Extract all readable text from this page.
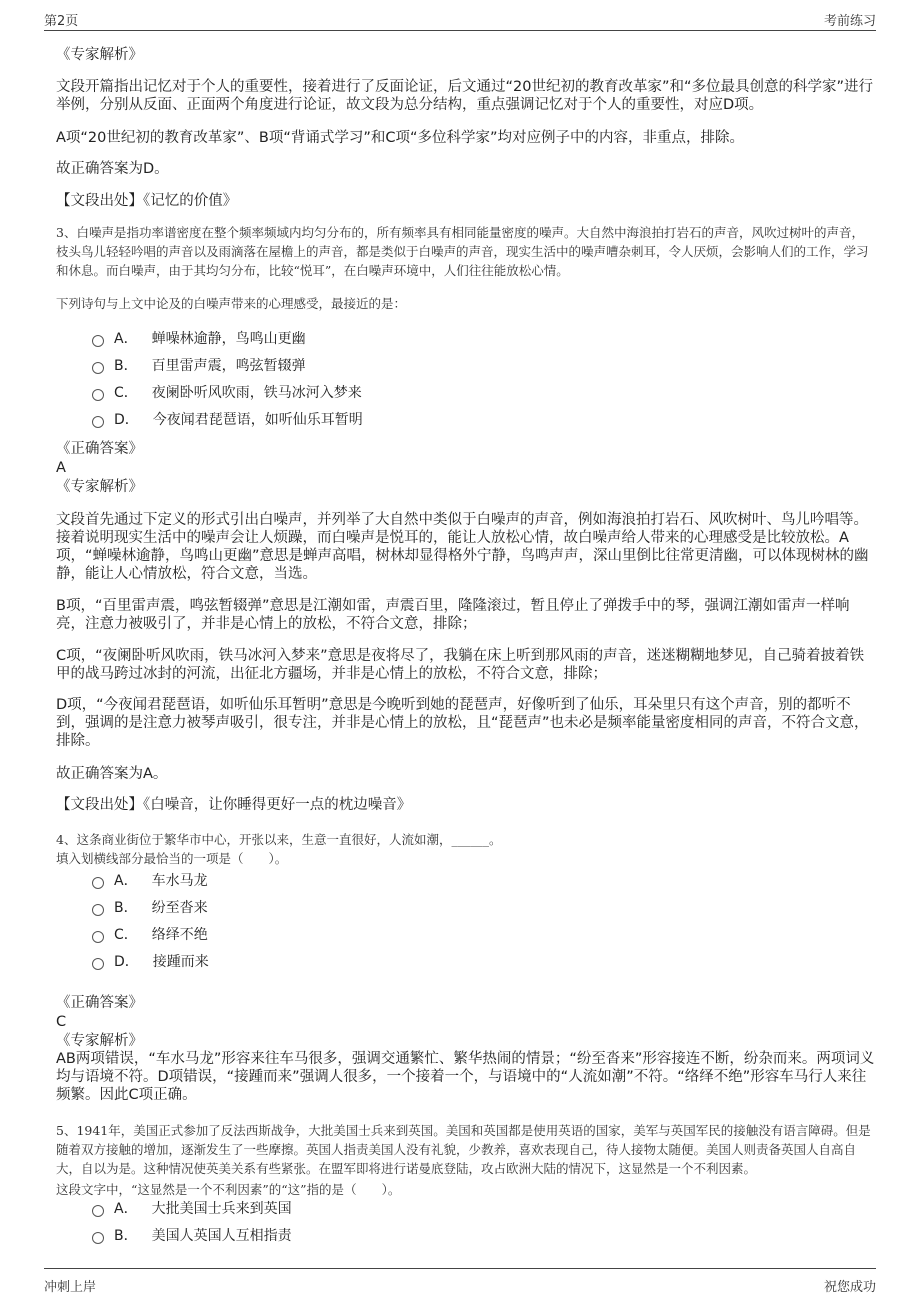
第2页	考前练习
《专家解析》
文段开篇指出记忆对于个人的重要性，接着进行了反面论证，后文通过“20世纪初的教育改革家”和“多位最具创意的科学家”进行举例，分别从反面、正面两个角度进行论证，故文段为总分结构，重点强调记忆对于个人的重要性，对应D项。
A项“20世纪初的教育改革家”、B项“背诵式学习”和C项“多位科学家”均对应例子中的内容，非重点，排除。
故正确答案为D。
【文段出处】《记忆的价值》
3、白噪声是指功率谱密度在整个频率频域内均匀分布的，所有频率具有相同能量密度的噪声。大自然中海浪拍打岩石的声音，风吹过树叶的声音，枝头鸟儿轻轻吟唱的声音以及雨滴落在屋檐上的声音，都是类似于白噪声的声音，现实生活中的噪声嘈杂刺耳，令人厌烦，会影响人们的工作，学习和休息。而白噪声，由于其均匀分布，比较“悦耳”，在白噪声环境中，人们往往能放松心情。
下列诗句与上文中论及的白噪声带来的心理感受，最接近的是：
A． 蝉噪林逾静，鸟鸣山更幽
B． 百里雷声震，鸣弦暂辍弹
C． 夜阑卧听风吹雨，铁马冰河入梦来
D． 今夜闻君琵琶语，如听仙乐耳暂明
《正确答案》
A
《专家解析》
文段首先通过下定义的形式引出白噪声，并列举了大自然中类似于白噪声的声音，例如海浪拍打岩石、风吹树叶、鸟儿吟唱等。接着说明现实生活中的噪声会让人烦躁，而白噪声是悦耳的，能让人放松心情，故白噪声给人带来的心理感受是比较放松。A项，“蝉噪林逾静，鸟鸣山更幽”意思是蝉声高唱，树林却显得格外宁静，鸟鸣声声，深山里倒比往常更清幽，可以体现树林的幽静，能让人心情放松，符合文意，当选。
B项，“百里雷声震，鸣弦暂辍弹”意思是江潮如雷，声震百里，隆隆滚过，暂且停止了弹拨手中的琴，强调江潮如雷声一样响亮，注意力被吸引了，并非是心情上的放松，不符合文意，排除；
C项，“夜阑卧听风吹雨，铁马冰河入梦来”意思是夜将尽了，我躺在床上听到那风雨的声音，迷迷糊糊地梦见，自己骑着披着铁甲的战马跨过冰封的河流，出征北方疆场，并非是心情上的放松，不符合文意，排除；
D项，“今夜闻君琵琶语，如听仙乐耳暂明”意思是今晚听到她的琵琶声，好像听到了仙乐，耳朵里只有这个声音，别的都听不到，强调的是注意力被琴声吸引，很专注，并非是心情上的放松，且“琵琶声”也未必是频率能量密度相同的声音，不符合文意，排除。
故正确答案为A。
【文段出处】《白噪音，让你睡得更好一点的枕边噪音》
4、这条商业街位于繁华市中心，开张以来，生意一直很好，人流如潮，______。
填入划横线部分最恰当的一项是（　　）。
A． 车水马龙
B． 纷至沓来
C． 络绎不绝
D． 接踵而来
《正确答案》
C
《专家解析》
AB两项错误，“车水马龙”形容来往车马很多，强调交通繁忙、繁华热闹的情景；“纷至沓来”形容接连不断，纷杂而来。两项词义均与语境不符。D项错误，“接踵而来”强调人很多，一个接着一个，与语境中的“人流如潮”不符。“络绎不绝”形容车马行人来往频繁。因此C项正确。
5、1941年，美国正式参加了反法西斯战争，大批美国士兵来到英国。美国和英国都是使用英语的国家，美军与英国军民的接触没有语言障碍。但是随着双方接触的增加，逐渐发生了一些摩擦。英国人指责美国人没有礼貌，少教养，喜欢表现自己，待人接物太随便。美国人则责备英国人自高自大，自以为是。这种情况使英美关系有些紧张。在盟军即将进行诺曼底登陆，攻占欧洲大陆的情况下，这显然是一个不利因素。
这段文字中，“这显然是一个不利因素”的“这”指的是（　　）。
A． 大批美国士兵来到英国
B． 美国人英国人互相指责
冲刺上岸	祝您成功
